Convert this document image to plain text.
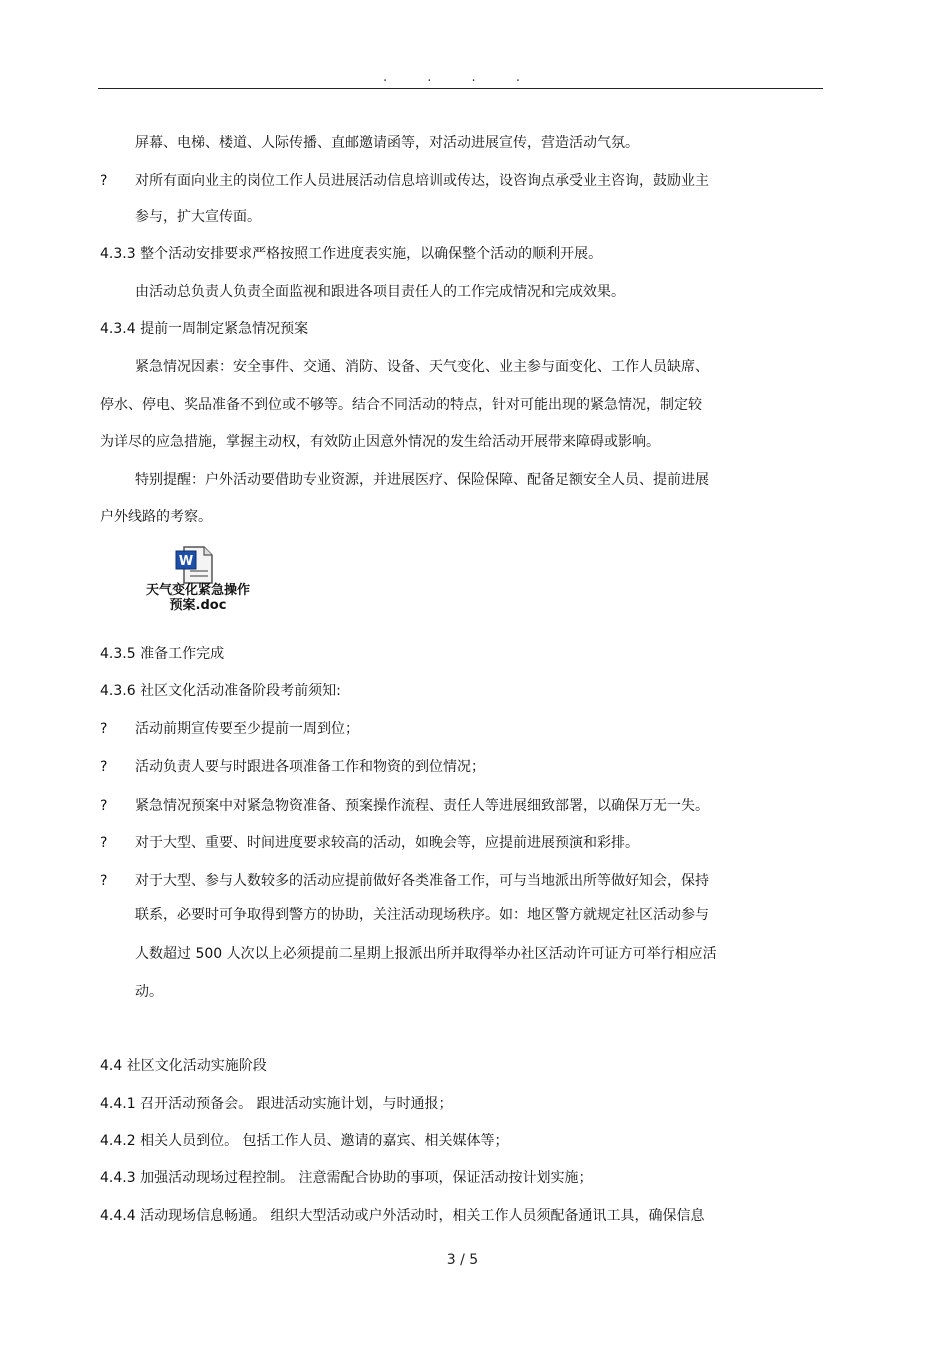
. . . .
屏幕、电梯、楼道、人际传播、直邮邀请函等，对活动进展宣传，营造活动气氛。
? 对所有面向业主的岗位工作人员进展活动信息培训或传达，设咨询点承受业主咨询，鼓励业主
参与，扩大宣传面。
4.3.3 整个活动安排要求严格按照工作进度表实施，以确保整个活动的顺利开展。
由活动总负责人负责全面监视和跟进各项目责任人的工作完成情况和完成效果。
4.3.4 提前一周制定紧急情况预案
紧急情况因素：安全事件、交通、消防、设备、天气变化、业主参与面变化、工作人员缺席、
停水、停电、奖品准备不到位或不够等。结合不同活动的特点，针对可能出现的紧急情况，制定较
为详尽的应急措施，掌握主动权，有效防止因意外情况的发生给活动开展带来障碍或影响。
特别提醒：户外活动要借助专业资源，并进展医疗、保险保障、配备足额安全人员、提前进展
户外线路的考察。
W
天气变化紧急操作
预案.doc
4.3.5 准备工作完成
4.3.6 社区文化活动准备阶段考前须知:
? 活动前期宣传要至少提前一周到位；
? 活动负责人要与时跟进各项准备工作和物资的到位情况；
? 紧急情况预案中对紧急物资准备、预案操作流程、责任人等进展细致部署，以确保万无一失。
? 对于大型、重要、时间进度要求较高的活动，如晚会等，应提前进展预演和彩排。
? 对于大型、参与人数较多的活动应提前做好各类准备工作，可与当地派出所等做好知会，保持
联系，必要时可争取得到警方的协助，关注活动现场秩序。如：地区警方就规定社区活动参与
人数超过 500 人次以上必须提前二星期上报派出所并取得举办社区活动许可证方可举行相应活
动。
4.4 社区文化活动实施阶段
4.4.1 召开活动预备会。 跟进活动实施计划，与时通报；
4.4.2 相关人员到位。 包括工作人员、邀请的嘉宾、相关媒体等；
4.4.3 加强活动现场过程控制。 注意需配合协助的事项，保证活动按计划实施；
4.4.4 活动现场信息畅通。 组织大型活动或户外活动时，相关工作人员须配备通讯工具，确保信息
3 / 5
